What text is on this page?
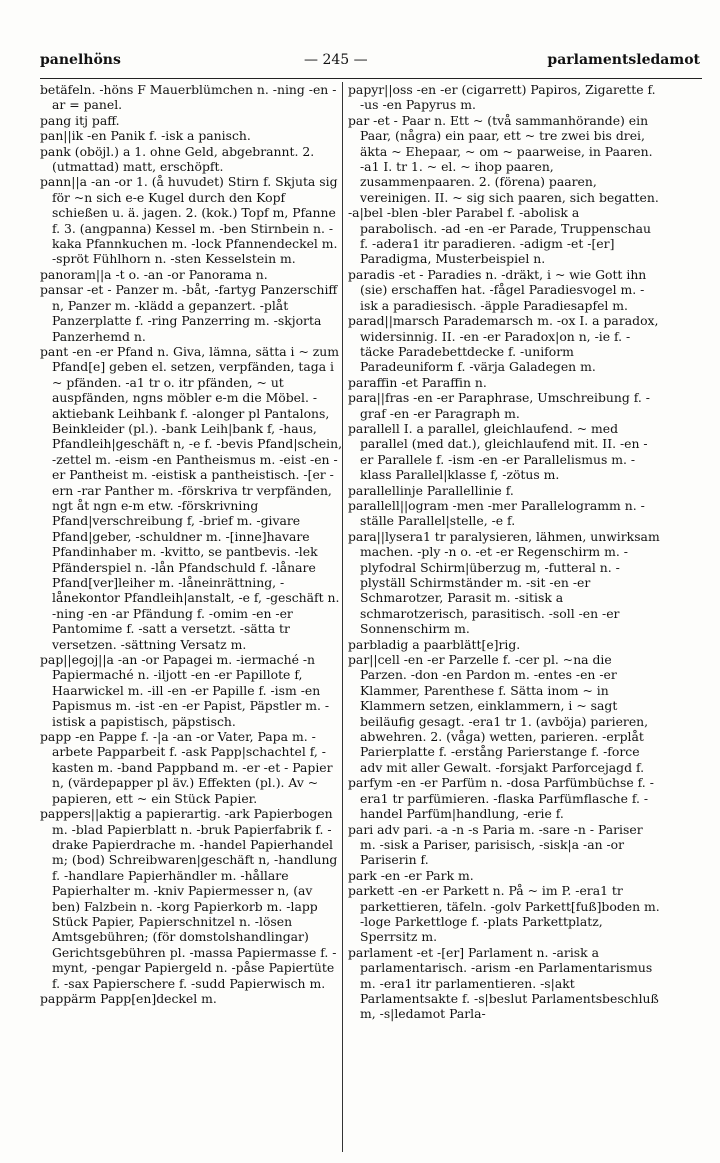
panelhöns	— 245 —	parlamentsledamot

betäfeln. -höns F Mauerblümchen n. -ning -en -ar = panel.

pang itj paff.

pan||ik -en Panik f. -isk a panisch.

pank (oböjl.) a 1. ohne Geld, abgebrannt. 2. (utmattad) matt, erschöpft.

pann||a -an -or 1. (å huvudet) Stirn f. Skjuta sig för ~n sich e-e Kugel durch den Kopf schießen u. ä. jagen. 2. (kok.) Topf m, Pfanne f. 3. (angpanna) Kessel m. -ben Stirnbein n. -kaka Pfannkuchen m. -lock Pfannendeckel m. -spröt Fühlhorn n. -sten Kesselstein m.

panoram||a -t o. -an -or Panorama n.

pansar -et - Panzer m. -båt, -fartyg Panzerschiff n, Panzer m. -klädd a gepanzert. -plåt Panzerplatte f. -ring Panzerring m. -skjorta Panzerhemd n.

pant -en -er Pfand n. Giva, lämna, sätta i ~ zum Pfand[e] geben el. setzen, verpfänden, taga i ~ pfänden. -a1 tr o. itr pfänden, ~ ut auspfänden, ngns möbler e-m die Möbel. -aktiebank Leihbank f. -alonger pl Pantalons, Beinkleider (pl.). -bank Leih|bank f, -haus, Pfandleih|geschäft n, -e f. -bevis Pfand|schein, -zettel m. -eism -en Pantheismus m. -eist -en -er Pantheist m. -eistisk a pantheistisch. -[er -ern -rar Panther m. -förskriva tr verpfänden, ngt åt ngn e-m etw. -förskrivning Pfand|verschreibung f, -brief m. -givare Pfand|geber, -schuldner m. -[inne]havare Pfandinhaber m. -kvitto, se pantbevis. -lek Pfänderspiel n. -lån Pfandschuld f. -lånare Pfand[ver]leiher m. -låneinrättning, -lånekontor Pfandleih|anstalt, -e f, -geschäft n. -ning -en -ar Pfändung f. -omim -en -er Pantomime f. -satt a versetzt. -sätta tr versetzen. -sättning Versatz m.

pap||egoj||a -an -or Papagei m. -iermaché -n Papiermaché n. -iljott -en -er Papillote f, Haarwickel m. -ill -en -er Papille f. -ism -en Papismus m. -ist -en -er Papist, Päpstler m. -istisk a papistisch, päpstisch.

papp -en Pappe f. -|a -an -or Vater, Papa m. -arbete Papparbeit f. -ask Papp|schachtel f, -kasten m. -band Pappband m. -er -et - Papier n, (värdepapper pl äv.) Effekten (pl.). Av ~ papieren, ett ~ ein Stück Papier.

pappers||aktig a papierartig. -ark Papierbogen m. -blad Papierblatt n. -bruk Papierfabrik f. -drake Papierdrache m. -handel Papierhandel m; (bod) Schreibwaren|geschäft n, -handlung f. -handlare Papierhändler m. -hållare Papierhalter m. -kniv Papiermesser n, (av ben) Falzbein n. -korg Papierkorb m. -lapp Stück Papier, Papierschnitzel n. -lösen Amtsgebühren; (för domstolshandlingar) Gerichtsgebühren pl. -massa Papiermasse f. -mynt, -pengar Papiergeld n. -påse Papiertüte f. -sax Papierschere f. -sudd Papierwisch m.

pappärm Papp[en]deckel m.

papyr||oss -en -er (cigarrett) Papiros, Zigarette f. -us -en Papyrus m.

par -et - Paar n. Ett ~ (två sammanhörande) ein Paar, (några) ein paar, ett ~ tre zwei bis drei, äkta ~ Ehepaar, ~ om ~ paarweise, in Paaren. -a1 I. tr 1. ~ el. ~ ihop paaren, zusammenpaaren. 2. (förena) paaren, vereinigen. II. ~ sig sich paaren, sich begatten.

-a|bel -blen -bler Parabel f. -abolisk a parabolisch. -ad -en -er Parade, Truppenschau f. -adera1 itr paradieren. -adigm -et -[er] Paradigma, Musterbeispiel n.

paradis -et - Paradies n. -dräkt, i ~ wie Gott ihn (sie) erschaffen hat. -fågel Paradiesvogel m. -isk a paradiesisch. -äpple Paradiesapfel m.

parad||marsch Parademarsch m. -ox I. a paradox, widersinnig. II. -en -er Paradox|on n, -ie f. -täcke Paradebettdecke f. -uniform Paradeuniform f. -värja Galadegen m.

paraffin -et Paraffin n.

para||fras -en -er Paraphrase, Umschreibung f. -graf -en -er Paragraph m.

parallell I. a parallel, gleichlaufend. ~ med parallel (med dat.), gleichlaufend mit. II. -en -er Parallele f. -ism -en -er Parallelismus m. -klass Parallel|klasse f, -zötus m.

parallellinje Parallellinie f.

parallell||ogram -men -mer Parallelogramm n. -ställe Parallel|stelle, -e f.

para||lysera1 tr paralysieren, lähmen, unwirksam machen. -ply -n o. -et -er Regenschirm m. -plyfodral Schirm|überzug m, -futteral n. -plyställ Schirmständer m. -sit -en -er Schmarotzer, Parasit m. -sitisk a schmarotzerisch, parasitisch. -soll -en -er Sonnenschirm m.

parbladig a paarblätt[e]rig.

par||cell -en -er Parzelle f. -cer pl. ~na die Parzen. -don -en Pardon m. -entes -en -er Klammer, Parenthese f. Sätta inom ~ in Klammern setzen, einklammern, i ~ sagt beiläufig gesagt. -era1 tr 1. (avböja) parieren, abwehren. 2. (våga) wetten, parieren. -erplåt Parierplatte f. -erstång Parierstange f. -force adv mit aller Gewalt. -forsjakt Parforcejagd f.

parfym -en -er Parfüm n. -dosa Parfümbüchse f. -era1 tr parfümieren. -flaska Parfümflasche f. -handel Parfüm|handlung, -erie f.

pari adv pari. -a -n -s Paria m. -sare -n - Pariser m. -sisk a Pariser, parisisch, -sisk|a -an -or Pariserin f.

park -en -er Park m.

parkett -en -er Parkett n. På ~ im P. -era1 tr parkettieren, täfeln. -golv Parkett[fuß]boden m. -loge Parkettloge f. -plats Parkettplatz, Sperrsitz m.

parlament -et -[er] Parlament n. -arisk a parlamentarisch. -arism -en Parlamentarismus m. -era1 itr parlamentieren. -s|akt Parlamentsakte f. -s|beslut Parlamentsbeschluß m, -s|ledamot Parla-
